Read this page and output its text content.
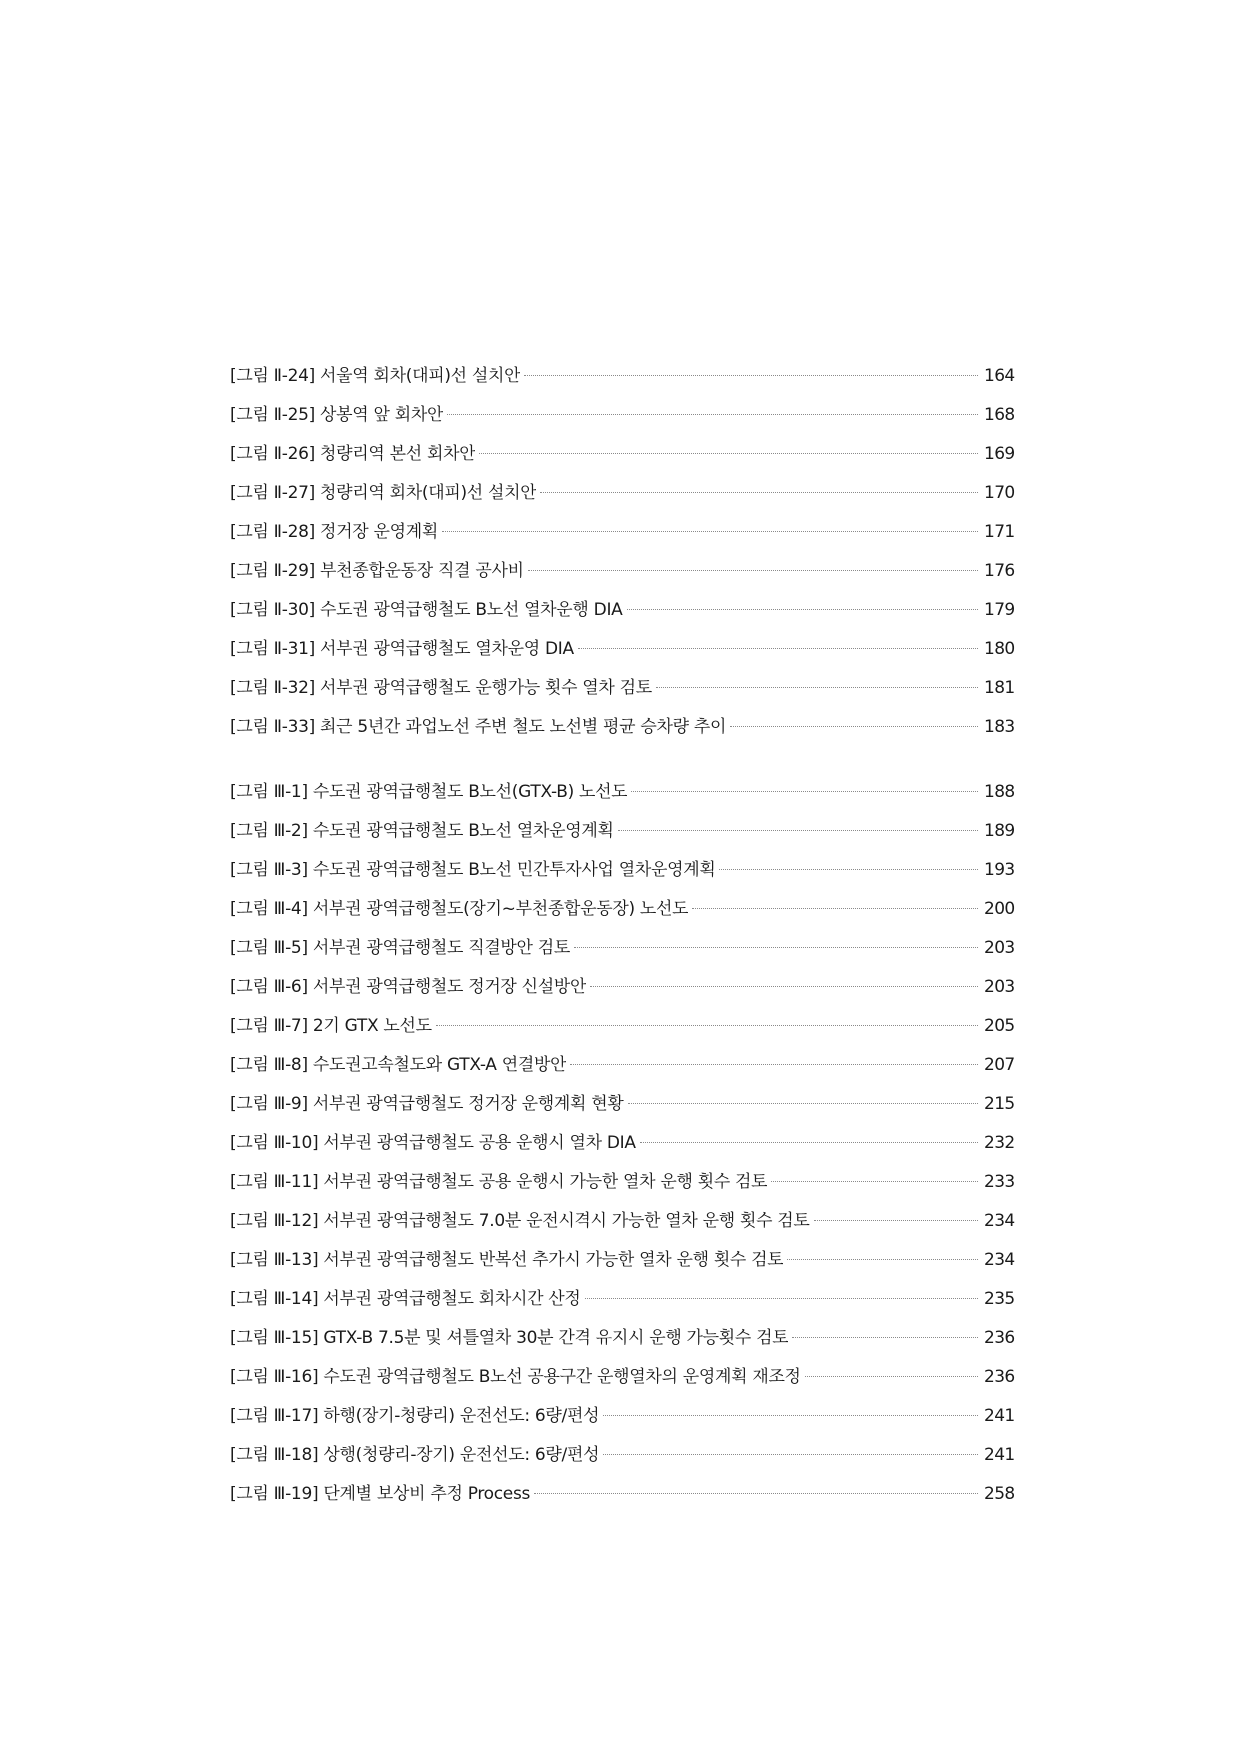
[그림 Ⅱ-24] 서울역 회차(대피)선 설치안	164
[그림 Ⅱ-25] 상봉역 앞 회차안	168
[그림 Ⅱ-26] 청량리역 본선 회차안	169
[그림 Ⅱ-27] 청량리역 회차(대피)선 설치안	170
[그림 Ⅱ-28] 정거장 운영계획	171
[그림 Ⅱ-29] 부천종합운동장 직결 공사비	176
[그림 Ⅱ-30] 수도권 광역급행철도 B노선 열차운행 DIA	179
[그림 Ⅱ-31] 서부권 광역급행철도 열차운영 DIA	180
[그림 Ⅱ-32] 서부권 광역급행철도 운행가능 횟수 열차 검토	181
[그림 Ⅱ-33] 최근 5년간 과업노선 주변 철도 노선별 평균 승차량 추이	183
[그림 Ⅲ-1] 수도권 광역급행철도 B노선(GTX-B) 노선도	188
[그림 Ⅲ-2] 수도권 광역급행철도 B노선 열차운영계획	189
[그림 Ⅲ-3] 수도권 광역급행철도 B노선 민간투자사업 열차운영계획	193
[그림 Ⅲ-4] 서부권 광역급행철도(장기~부천종합운동장) 노선도	200
[그림 Ⅲ-5] 서부권 광역급행철도 직결방안 검토	203
[그림 Ⅲ-6] 서부권 광역급행철도 정거장 신설방안	203
[그림 Ⅲ-7] 2기 GTX 노선도	205
[그림 Ⅲ-8] 수도권고속철도와 GTX-A 연결방안	207
[그림 Ⅲ-9] 서부권 광역급행철도 정거장 운행계획 현황	215
[그림 Ⅲ-10] 서부권 광역급행철도 공용 운행시 열차 DIA	232
[그림 Ⅲ-11] 서부권 광역급행철도 공용 운행시 가능한 열차 운행 횟수 검토	233
[그림 Ⅲ-12] 서부권 광역급행철도 7.0분 운전시격시 가능한 열차 운행 횟수 검토	234
[그림 Ⅲ-13] 서부권 광역급행철도 반복선 추가시 가능한 열차 운행 횟수 검토	234
[그림 Ⅲ-14] 서부권 광역급행철도 회차시간 산정	235
[그림 Ⅲ-15] GTX-B 7.5분 및 셔틀열차 30분 간격 유지시 운행 가능횟수 검토	236
[그림 Ⅲ-16] 수도권 광역급행철도 B노선 공용구간 운행열차의 운영계획 재조정	236
[그림 Ⅲ-17] 하행(장기-청량리) 운전선도: 6량/편성	241
[그림 Ⅲ-18] 상행(청량리-장기) 운전선도: 6량/편성	241
[그림 Ⅲ-19] 단계별 보상비 추정 Process	258
